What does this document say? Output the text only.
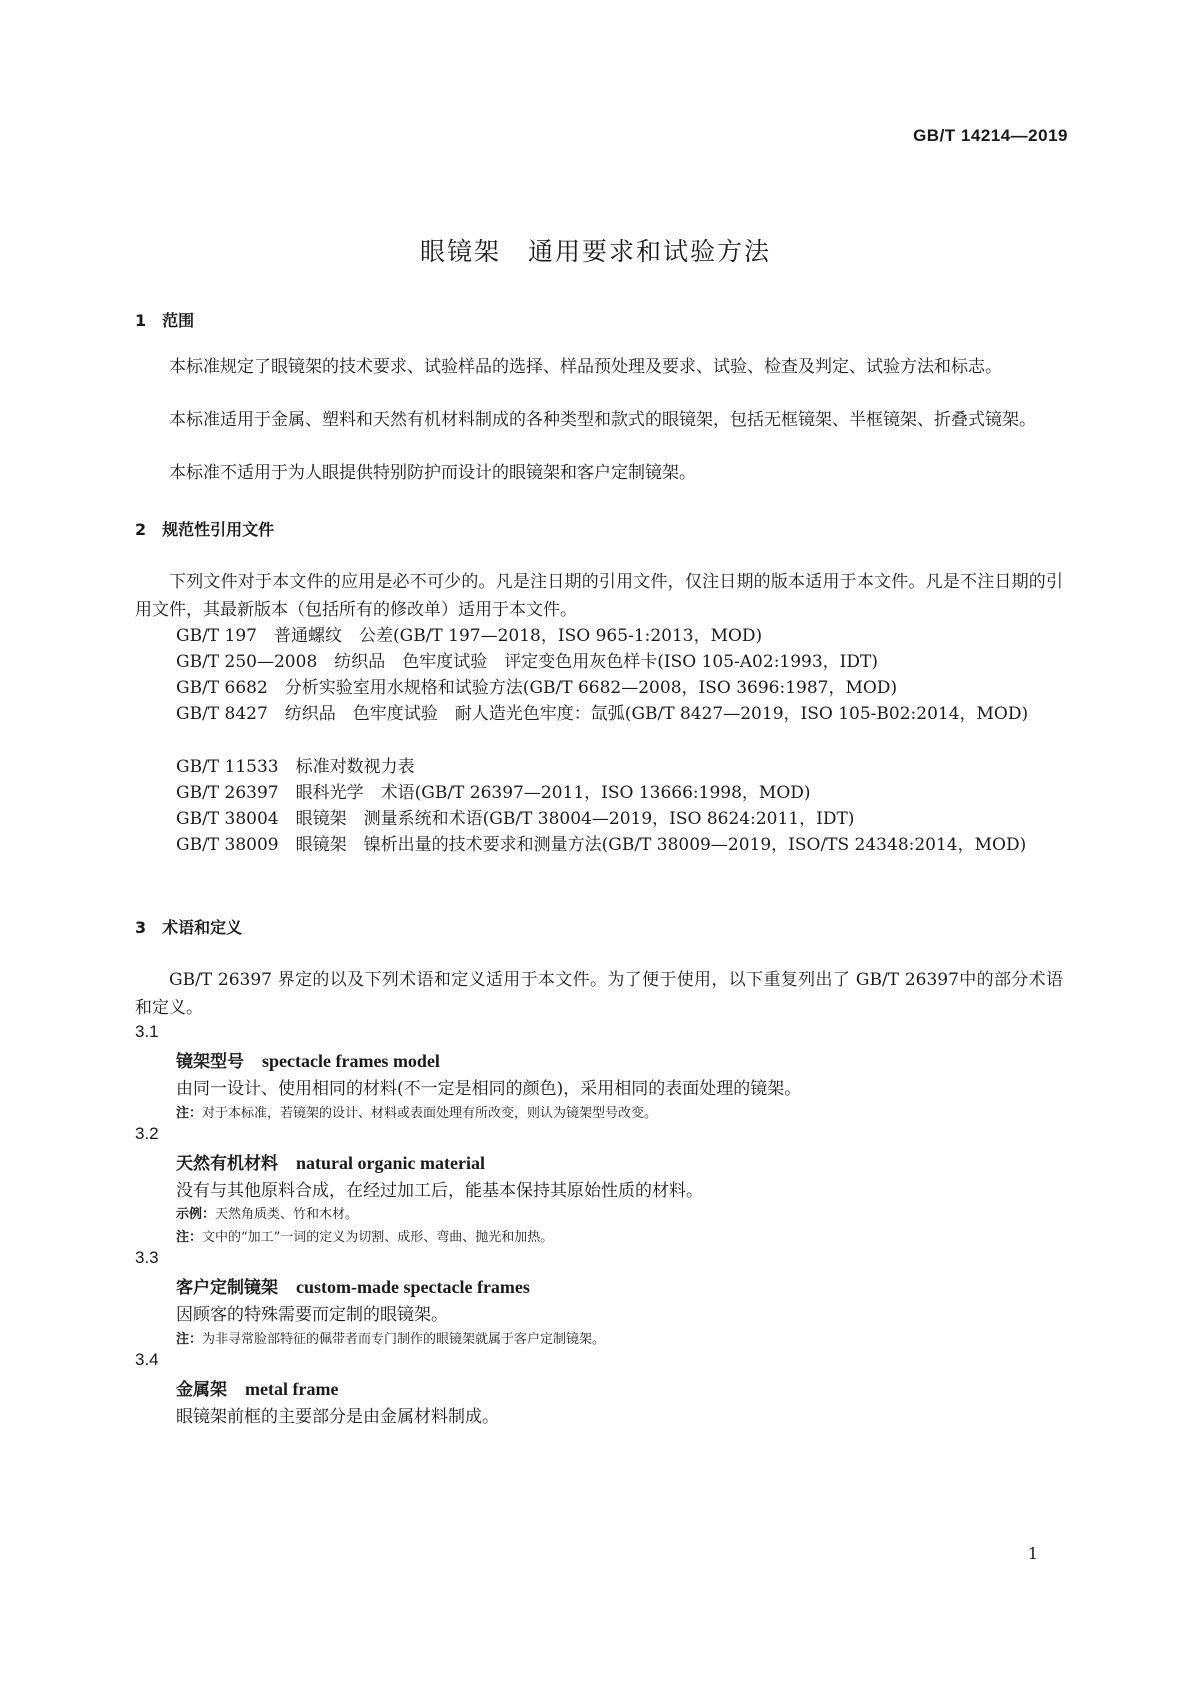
GB/T 14214—2019
眼镜架　通用要求和试验方法
1　范围

本标准规定了眼镜架的技术要求、试验样品的选择、样品预处理及要求、试验、检查及判定、试验方法和标志。

本标准适用于金属、塑料和天然有机材料制成的各种类型和款式的眼镜架，包括无框镜架、半框镜架、折叠式镜架。

本标准不适用于为人眼提供特别防护而设计的眼镜架和客户定制镜架。

2　规范性引用文件

下列文件对于本文件的应用是必不可少的。凡是注日期的引用文件，仅注日期的版本适用于本文件。凡是不注日期的引用文件，其最新版本（包括所有的修改单）适用于本文件。

GB/T 197　普通螺纹　公差(GB/T 197—2018，ISO 965-1:2013，MOD)

GB/T 250—2008　纺织品　色牢度试验　评定变色用灰色样卡(ISO 105-A02:1993，IDT)

GB/T 6682　分析实验室用水规格和试验方法(GB/T 6682—2008，ISO 3696:1987，MOD)

GB/T 8427　纺织品　色牢度试验　耐人造光色牢度：氙弧(GB/T 8427—2019，ISO 105-B02:2014，MOD)

GB/T 11533　标准对数视力表

GB/T 26397　眼科光学　术语(GB/T 26397—2011，ISO 13666:1998，MOD)

GB/T 38004　眼镜架　测量系统和术语(GB/T 38004—2019，ISO 8624:2011，IDT)

GB/T 38009　眼镜架　镍析出量的技术要求和测量方法(GB/T 38009—2019，ISO/TS 24348:2014，MOD)

3　术语和定义

GB/T 26397 界定的以及下列术语和定义适用于本文件。为了便于使用，以下重复列出了 GB/T 26397中的部分术语和定义。

3.1
镜架型号 spectacle frames model
由同一设计、使用相同的材料(不一定是相同的颜色)，采用相同的表面处理的镜架。
注：对于本标准，若镜架的设计、材料或表面处理有所改变，则认为镜架型号改变。
3.2
天然有机材料 natural organic material
没有与其他原料合成，在经过加工后，能基本保持其原始性质的材料。
示例：天然角质类、竹和木材。
注：文中的“加工”一词的定义为切割、成形、弯曲、抛光和加热。
3.3
客户定制镜架 custom-made spectacle frames
因顾客的特殊需要而定制的眼镜架。
注：为非寻常脸部特征的佩带者而专门制作的眼镜架就属于客户定制镜架。
3.4
金属架 metal frame
眼镜架前框的主要部分是由金属材料制成。
1
